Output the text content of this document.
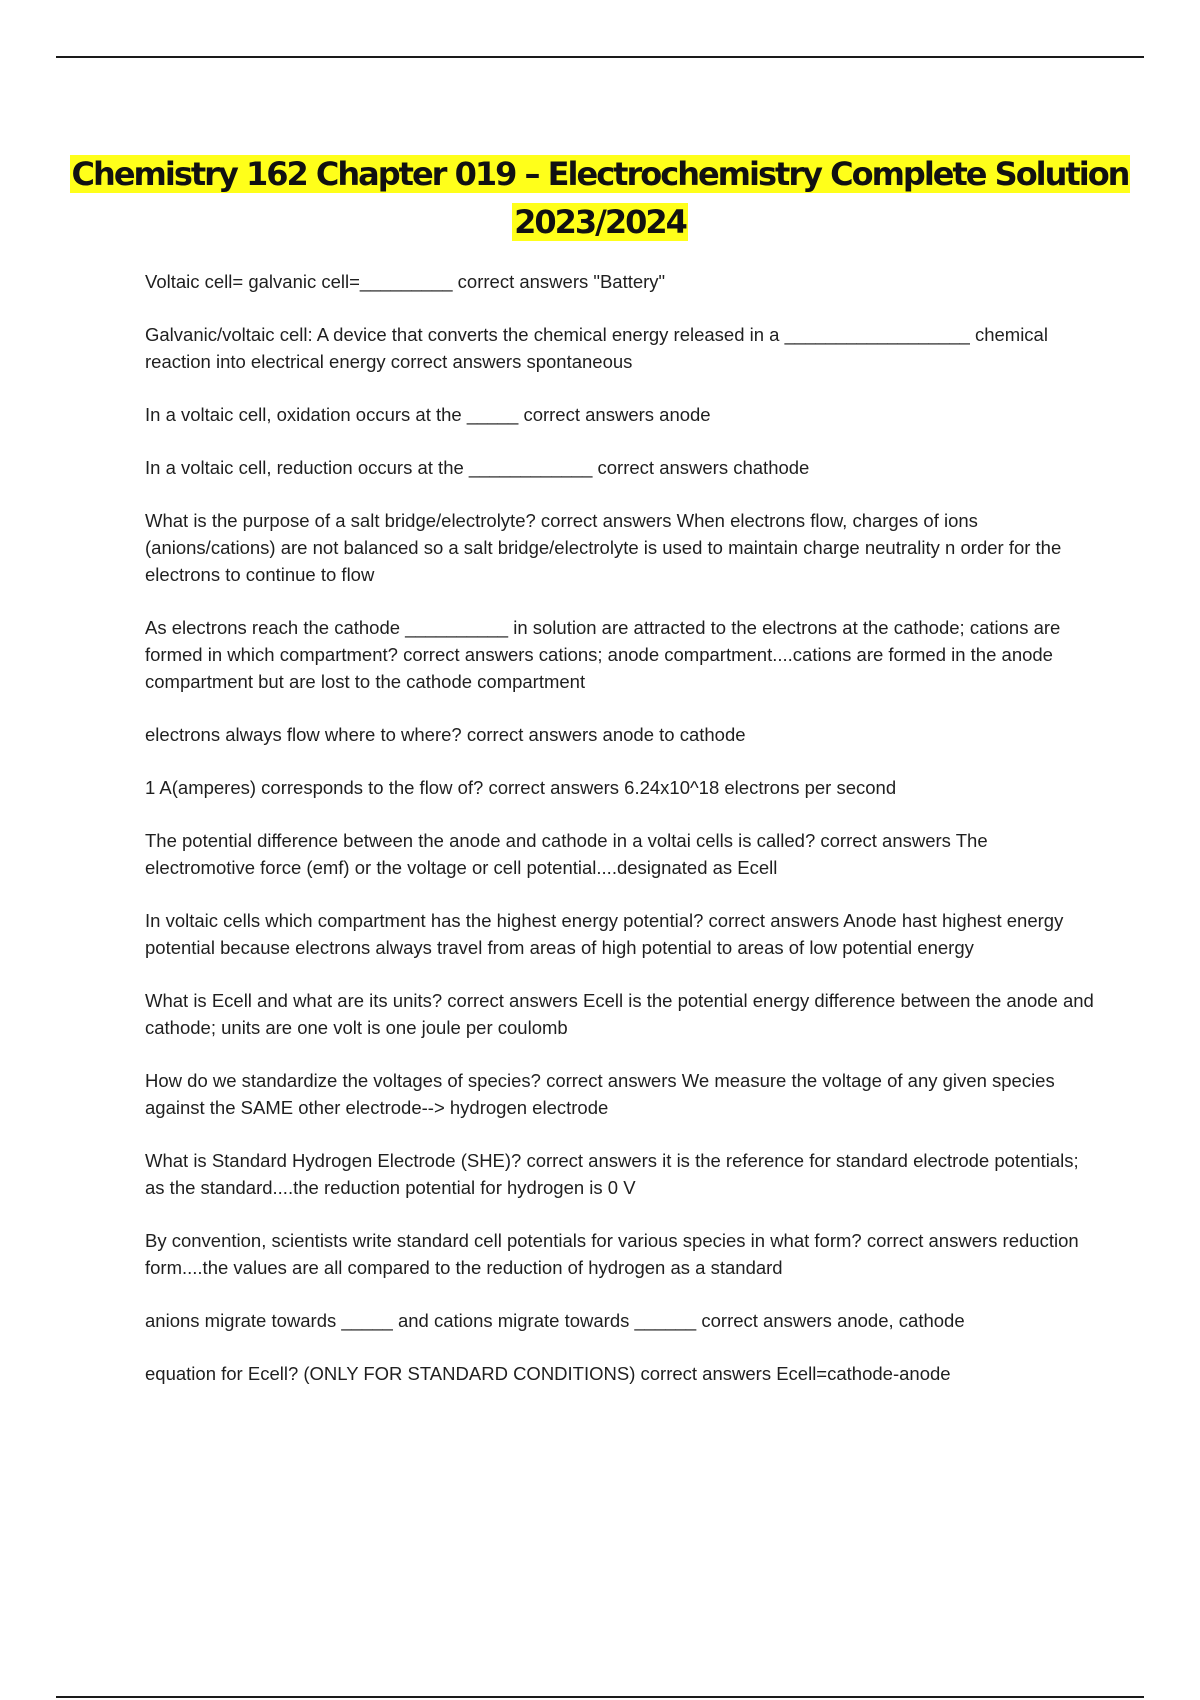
Chemistry 162 Chapter 019 – Electrochemistry Complete Solution
2023/2024

Voltaic cell= galvanic cell=_________ correct answers "Battery"

Galvanic/voltaic cell: A device that converts the chemical energy released in a __________________ chemical reaction into electrical energy correct answers spontaneous

In a voltaic cell, oxidation occurs at the _____ correct answers anode

In a voltaic cell, reduction occurs at the ____________ correct answers chathode

What is the purpose of a salt bridge/electrolyte? correct answers When electrons flow, charges of ions (anions/cations) are not balanced so a salt bridge/electrolyte is used to maintain charge neutrality n order for the electrons to continue to flow

As electrons reach the cathode __________ in solution are attracted to the electrons at the cathode; cations are formed in which compartment? correct answers cations; anode compartment....cations are formed in the anode compartment but are lost to the cathode compartment

electrons always flow where to where? correct answers anode to cathode

1 A(amperes) corresponds to the flow of? correct answers 6.24x10^18 electrons per second

The potential difference between the anode and cathode in a voltai cells is called? correct answers The electromotive force (emf) or the voltage or cell potential....designated as Ecell

In voltaic cells which compartment has the highest energy potential? correct answers Anode hast highest energy potential because electrons always travel from areas of high potential to areas of low potential energy

What is Ecell and what are its units? correct answers Ecell is the potential energy difference between the anode and cathode; units are one volt is one joule per coulomb

How do we standardize the voltages of species? correct answers We measure the voltage of any given species against the SAME other electrode--> hydrogen electrode

What is Standard Hydrogen Electrode (SHE)? correct answers it is the reference for standard electrode potentials; as the standard....the reduction potential for hydrogen is 0 V

By convention, scientists write standard cell potentials for various species in what form? correct answers reduction form....the values are all compared to the reduction of hydrogen as a standard

anions migrate towards _____ and cations migrate towards ______ correct answers anode, cathode

equation for Ecell? (ONLY FOR STANDARD CONDITIONS) correct answers Ecell=cathode-anode
